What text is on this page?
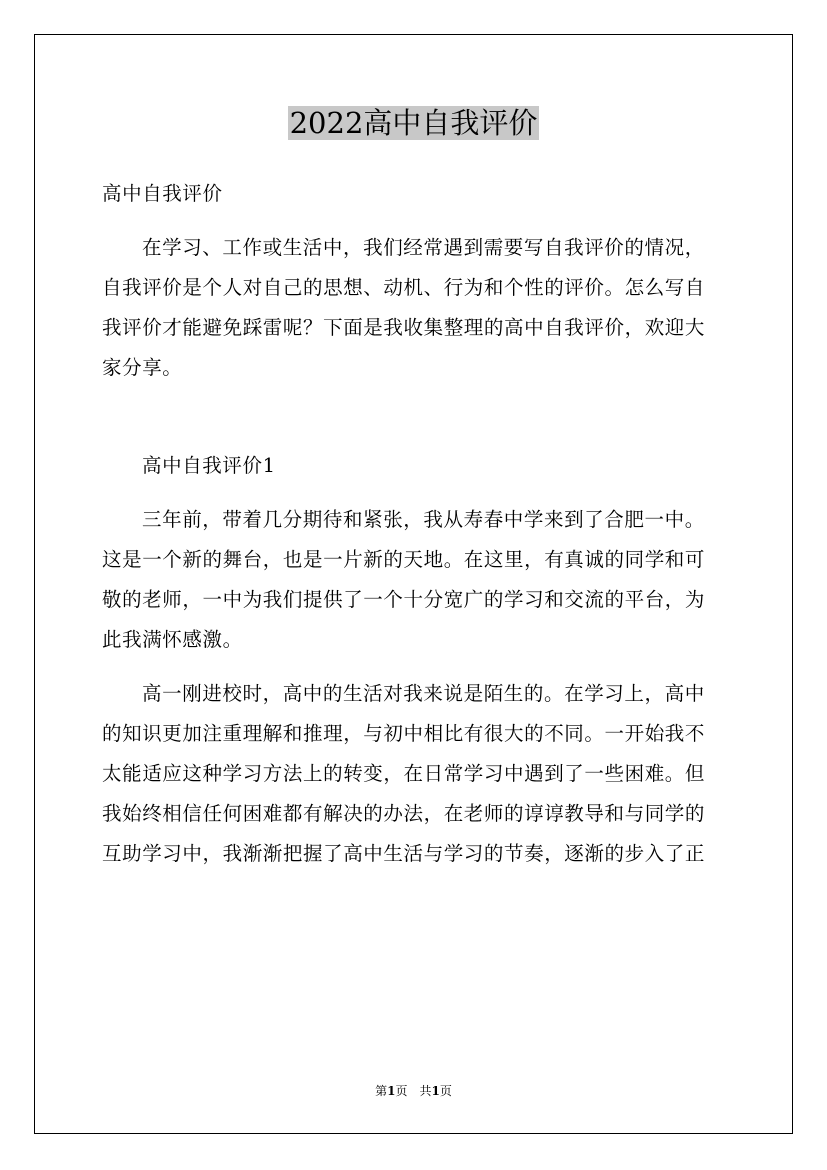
2022高中自我评价

高中自我评价

在学习、工作或生活中，我们经常遇到需要写自我评价的情况，
自我评价是个人对自己的思想、动机、行为和个性的评价。怎么写自
我评价才能避免踩雷呢？下面是我收集整理的高中自我评价，欢迎大
家分享。

高中自我评价1

三年前，带着几分期待和紧张，我从寿春中学来到了合肥一中。
这是一个新的舞台，也是一片新的天地。在这里，有真诚的同学和可
敬的老师，一中为我们提供了一个十分宽广的学习和交流的平台，为
此我满怀感激。

高一刚进校时，高中的生活对我来说是陌生的。在学习上，高中
的知识更加注重理解和推理，与初中相比有很大的不同。一开始我不
太能适应这种学习方法上的转变，在日常学习中遇到了一些困难。但
我始终相信任何困难都有解决的办法，在老师的谆谆教导和与同学的
互助学习中，我渐渐把握了高中生活与学习的节奏，逐渐的步入了正

第1页　共1页
